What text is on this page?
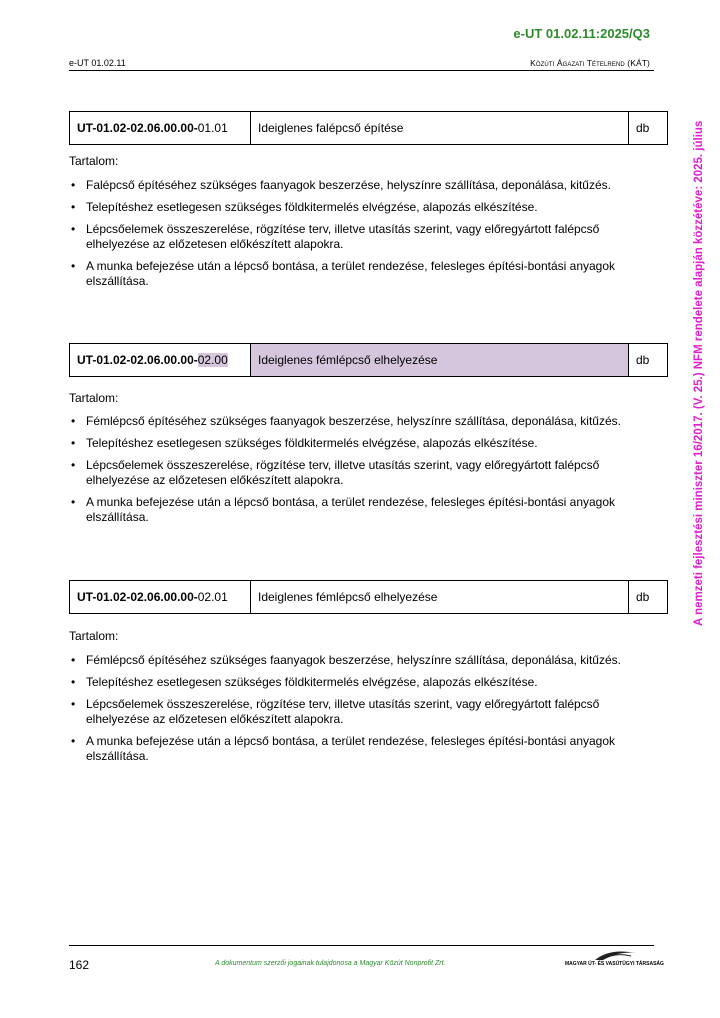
e-UT 01.02.11:2025/Q3
e-UT 01.02.11	Közúti Ágazati Tételrend (KÁT)
A nemzeti fejlesztési miniszter 16/2017. (V. 25.) NFM rendelete alapján közzétéve: 2025. július
UT-01.02-02.06.00.00- 01.01	Ideiglenes falépcső építése	db
Tartalom:
• Falépcső építéséhez szükséges faanyagok beszerzése, helyszínre szállítása, deponálása, kitűzés.
• Telepítéshez esetlegesen szükséges földkitermelés elvégzése, alapozás elkészítése.
• Lépcsőelemek összeszerelése, rögzítése terv, illetve utasítás szerint, vagy előregyártott falépcső elhelyezése az előzetesen előkészített alapokra.
• A munka befejezése után a lépcső bontása, a terület rendezése, felesleges építési-bontási anyagok elszállítása.
UT-01.02-02.06.00.00- 02.00	Ideiglenes fémlépcső elhelyezése	db
Tartalom:
• Fémlépcső építéséhez szükséges faanyagok beszerzése, helyszínre szállítása, deponálása, kitűzés.
• Telepítéshez esetlegesen szükséges földkitermelés elvégzése, alapozás elkészítése.
• Lépcsőelemek összeszerelése, rögzítése terv, illetve utasítás szerint, vagy előregyártott falépcső elhelyezése az előzetesen előkészített alapokra.
• A munka befejezése után a lépcső bontása, a terület rendezése, felesleges építési-bontási anyagok elszállítása.
UT-01.02-02.06.00.00- 02.01	Ideiglenes fémlépcső elhelyezése	db
Tartalom:
• Fémlépcső építéséhez szükséges faanyagok beszerzése, helyszínre szállítása, deponálása, kitűzés.
• Telepítéshez esetlegesen szükséges földkitermelés elvégzése, alapozás elkészítése.
• Lépcsőelemek összeszerelése, rögzítése terv, illetve utasítás szerint, vagy előregyártott falépcső elhelyezése az előzetesen előkészített alapokra.
• A munka befejezése után a lépcső bontása, a terület rendezése, felesleges építési-bontási anyagok elszállítása.
162	A dokumentum szerzői jogainak tulajdonosa a Magyar Közút Nonprofit Zrt.	MAGYAR ÚT- ÉS VASÚTÜGYI TÁRSASÁG
